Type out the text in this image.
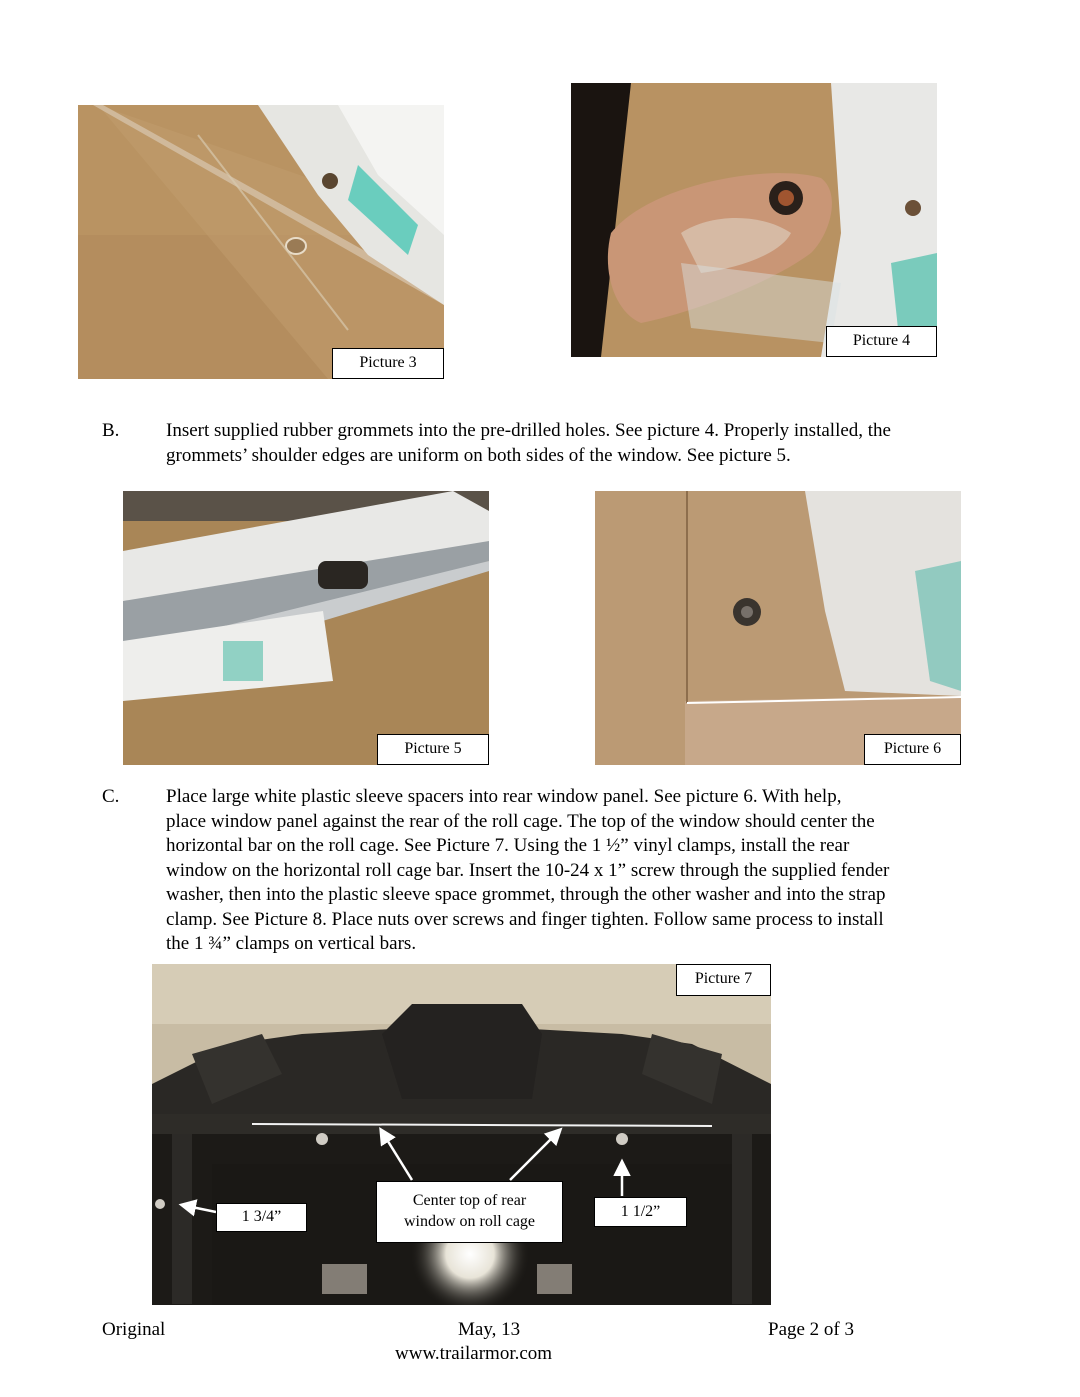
Picture 3
Picture 4
B. Insert supplied rubber grommets into the pre-drilled holes. See picture 4. Properly installed, the
grommets’ shoulder edges are uniform on both sides of the window. See picture 5.
Picture 5	Picture 6
C. Place large white plastic sleeve spacers into rear window panel. See picture 6. With help,
place window panel against the rear of the roll cage. The top of the window should center the
horizontal bar on the roll cage. See Picture 7. Using the 1 ½” vinyl clamps, install the rear
window on the horizontal roll cage bar. Insert the 10-24 x 1” screw through the supplied fender
washer, then into the plastic sleeve space grommet, through the other washer and into the strap
clamp. See Picture 8. Place nuts over screws and finger tighten. Follow same process to install
the 1 ¾” clamps on vertical bars.
Picture 7
1 3/4”
Center top of rear
window on roll cage
1 1/2”
Original	May, 13	Page 2 of 3
www.trailarmor.com
